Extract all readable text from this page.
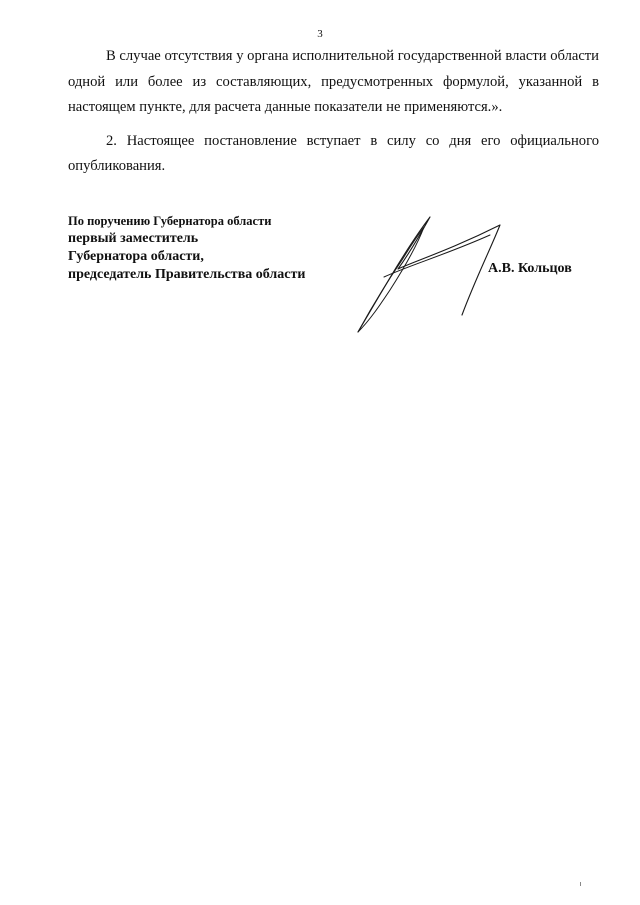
3

В случае отсутствия у органа исполнительной государственной власти области одной или более из составляющих, предусмотренных формулой, указанной в настоящем пункте, для расчета данные показатели не применяются.».

2. Настоящее постановление вступает в силу со дня его официального опубликования.

По поручению Губернатора области
первый заместитель
Губернатора области,
председатель Правительства области	А.В. Кольцов
